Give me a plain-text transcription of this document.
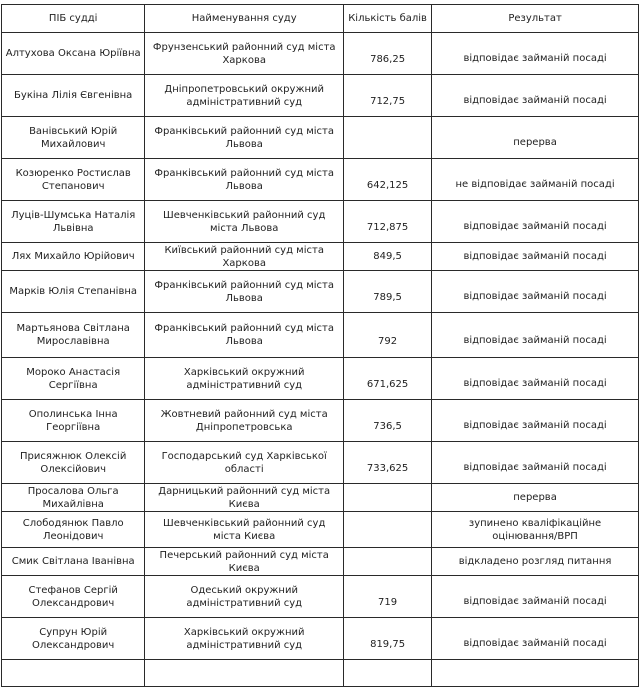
ПІБ судді	Найменування суду	Кількість балів	Результат
Алтухова Оксана Юріївна	Фрунзенський районний суд міста Харкова	786,25	відповідає займаній посаді
Букіна Лілія Євгенівна	Дніпропетровський окружний адміністративний суд	712,75	відповідає займаній посаді
Ванівський Юрій Михайлович	Франківський районний суд міста Львова		перерва
Козюренко Ростислав Степанович	Франківський районний суд міста Львова	642,125	не відповідає займаній посаді
Луців-Шумська Наталія Львівна	Шевченківський районний суд міста Львова	712,875	відповідає займаній посаді
Лях Михайло Юрійович	Київський районний суд міста Харкова	849,5	відповідає займаній посаді
Марків Юлія Степанівна	Франківський районний суд міста Львова	789,5	відповідає займаній посаді
Мартьянова Світлана Мирославівна	Франківський районний суд міста Львова	792	відповідає займаній посаді
Мороко Анастасія Сергіївна	Харківський окружний адміністративний суд	671,625	відповідає займаній посаді
Ополинська Інна Георгіївна	Жовтневий районний суд міста Дніпропетровська	736,5	відповідає займаній посаді
Присяжнюк Олексій Олексійович	Господарський суд Харківської області	733,625	відповідає займаній посаді
Просалова Ольга Михайлівна	Дарницький районний суд міста Києва		перерва
Слободянюк Павло Леонідович	Шевченківський районний суд міста Києва		зупинено кваліфікаційне оцінювання/ВРП
Смик Світлана Іванівна	Печерський районний суд міста Києва		відкладено розгляд питання
Стефанов Сергій Олександрович	Одеський окружний адміністративний суд	719	відповідає займаній посаді
Супрун Юрій Олександрович	Харківський окружний адміністративний суд	819,75	відповідає займаній посаді
